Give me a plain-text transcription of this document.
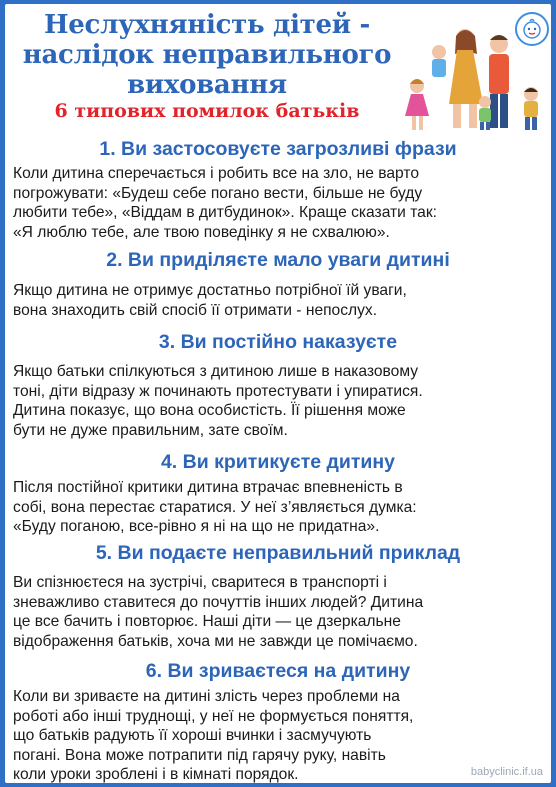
Неслухняність дітей -
наслідок неправильного
виховання
6 типових помилок батьків
1. Ви застосовуєте загрозливі фрази
Коли дитина сперечається і робить все на зло, не варто
погрожувати: «Будеш себе погано вести, більше не буду
любити тебе», «Віддам в дитбудинок». Краще сказати так:
«Я люблю тебе, але твою поведінку я не схвалюю».
2. Ви приділяєте мало уваги дитині
Якщо дитина не отримує достатньо потрібної їй уваги,
вона знаходить свій спосіб її отримати - непослух.
3. Ви постійно наказуєте
Якщо батьки спілкуються з дитиною лише в наказовому
тоні, діти відразу ж починають протестувати і упиратися.
Дитина показує, що вона особистість. Її рішення може
бути не дуже правильним, зате своїм.
4. Ви критикуєте дитину
Після постійної критики дитина втрачає впевненість в
собі, вона перестає старатися. У неї з’являється думка:
«Буду поганою, все-рівно я ні на що не придатна».
5. Ви подаєте неправильний приклад
Ви спізнюєтеся на зустрічі, сваритеся в транспорті і
зневажливо ставитеся до почуттів інших людей? Дитина
це все бачить і повторює. Наші діти — це дзеркальне
відображення батьків, хоча ми не завжди це помічаємо.
6. Ви зриваєтеся на дитину
Коли ви зриваєте на дитині злість через проблеми на
роботі або інші труднощі, у неї не формується поняття,
що батьків радують її хороші вчинки і засмучують
погані. Вона може потрапити під гарячу руку, навіть
коли уроки зроблені і в кімнаті порядок.	babyclinic.if.ua
